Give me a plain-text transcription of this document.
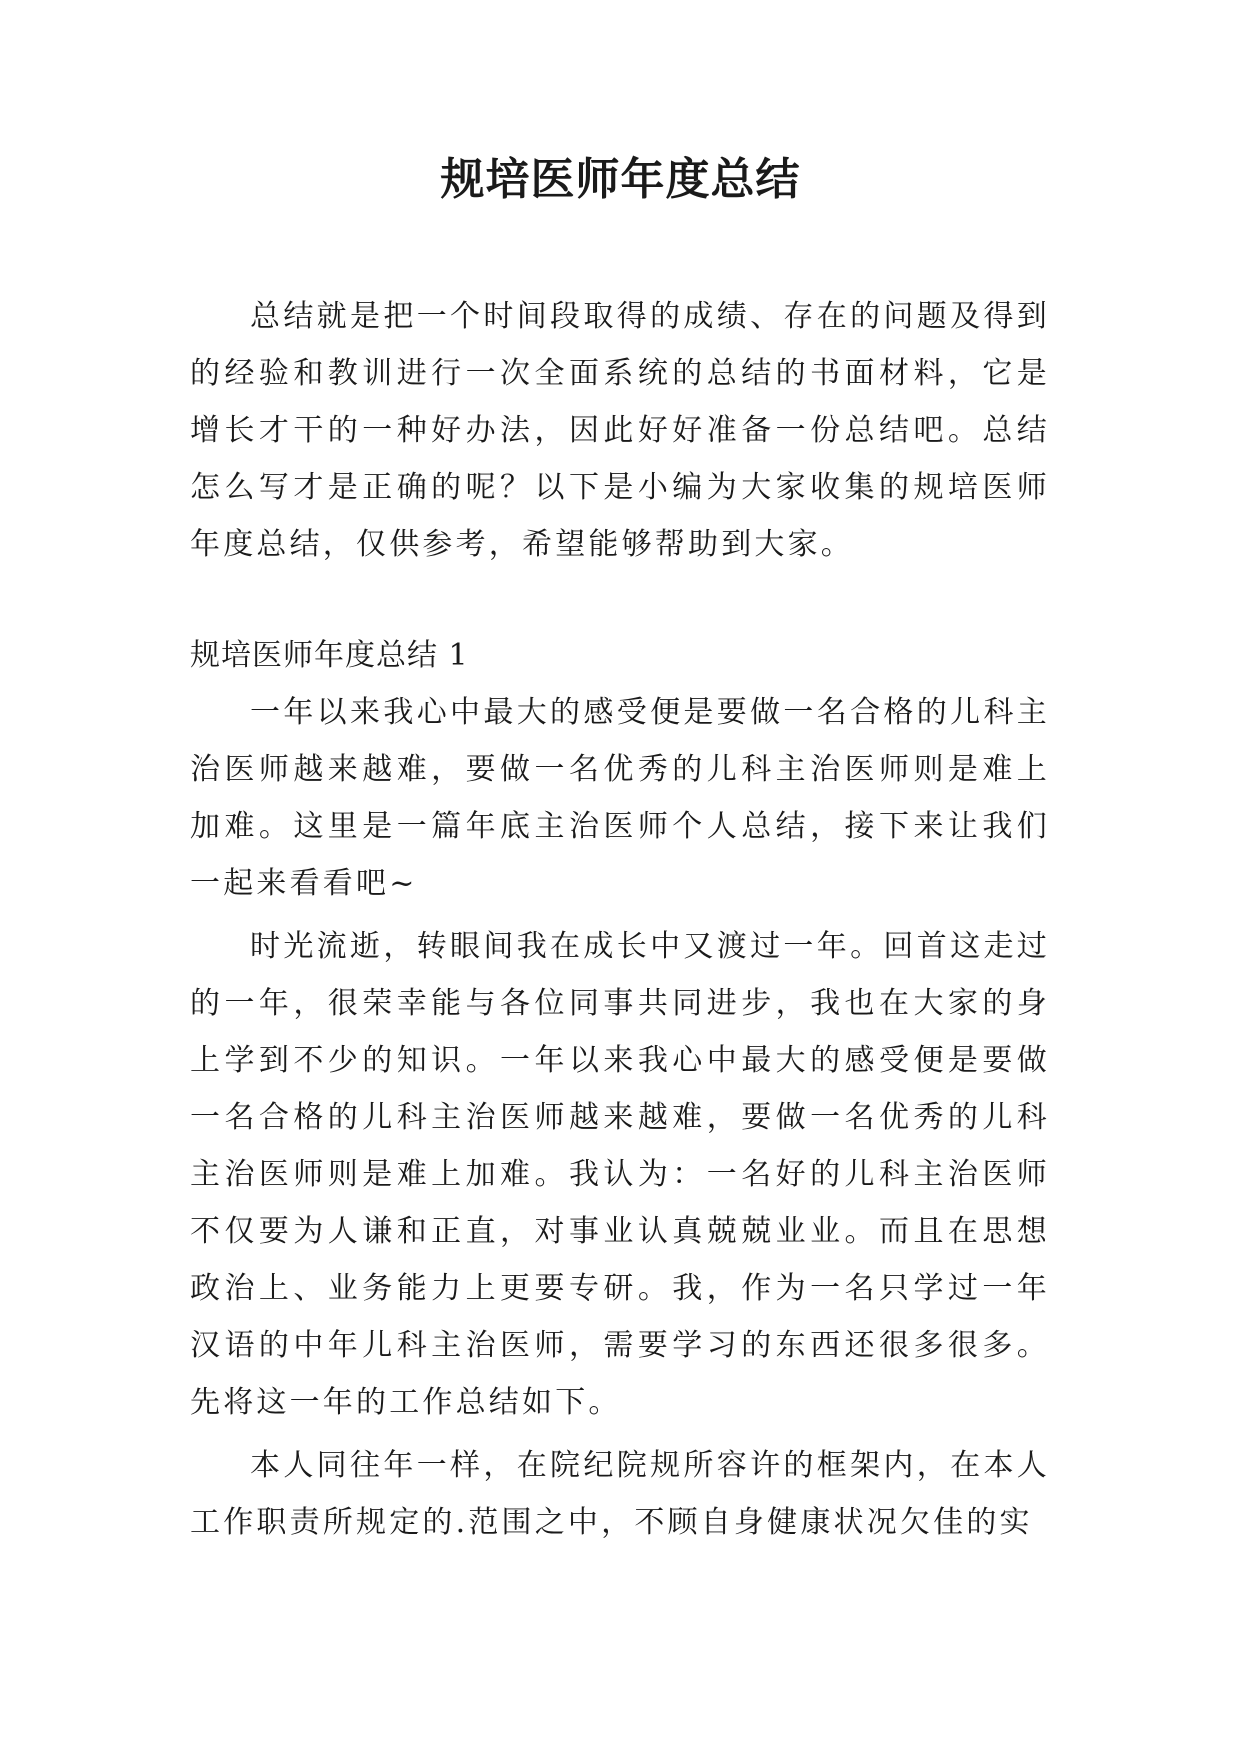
规培医师年度总结

总结就是把一个时间段取得的成绩、存在的问题及得到的经验和教训进行一次全面系统的总结的书面材料，它是增长才干的一种好办法，因此好好准备一份总结吧。总结怎么写才是正确的呢？以下是小编为大家收集的规培医师年度总结，仅供参考，希望能够帮助到大家。

规培医师年度总结 1

一年以来我心中最大的感受便是要做一名合格的儿科主治医师越来越难，要做一名优秀的儿科主治医师则是难上加难。这里是一篇年底主治医师个人总结，接下来让我们一起来看看吧~

时光流逝，转眼间我在成长中又渡过一年。回首这走过的一年，很荣幸能与各位同事共同进步，我也在大家的身上学到不少的知识。一年以来我心中最大的感受便是要做一名合格的儿科主治医师越来越难，要做一名优秀的儿科主治医师则是难上加难。我认为：一名好的儿科主治医师不仅要为人谦和正直，对事业认真兢兢业业。而且在思想政治上、业务能力上更要专研。我，作为一名只学过一年汉语的中年儿科主治医师，需要学习的东西还很多很多。先将这一年的工作总结如下。

本人同往年一样，在院纪院规所容许的框架内，在本人工作职责所规定的.范围之中，不顾自身健康状况欠佳的实
